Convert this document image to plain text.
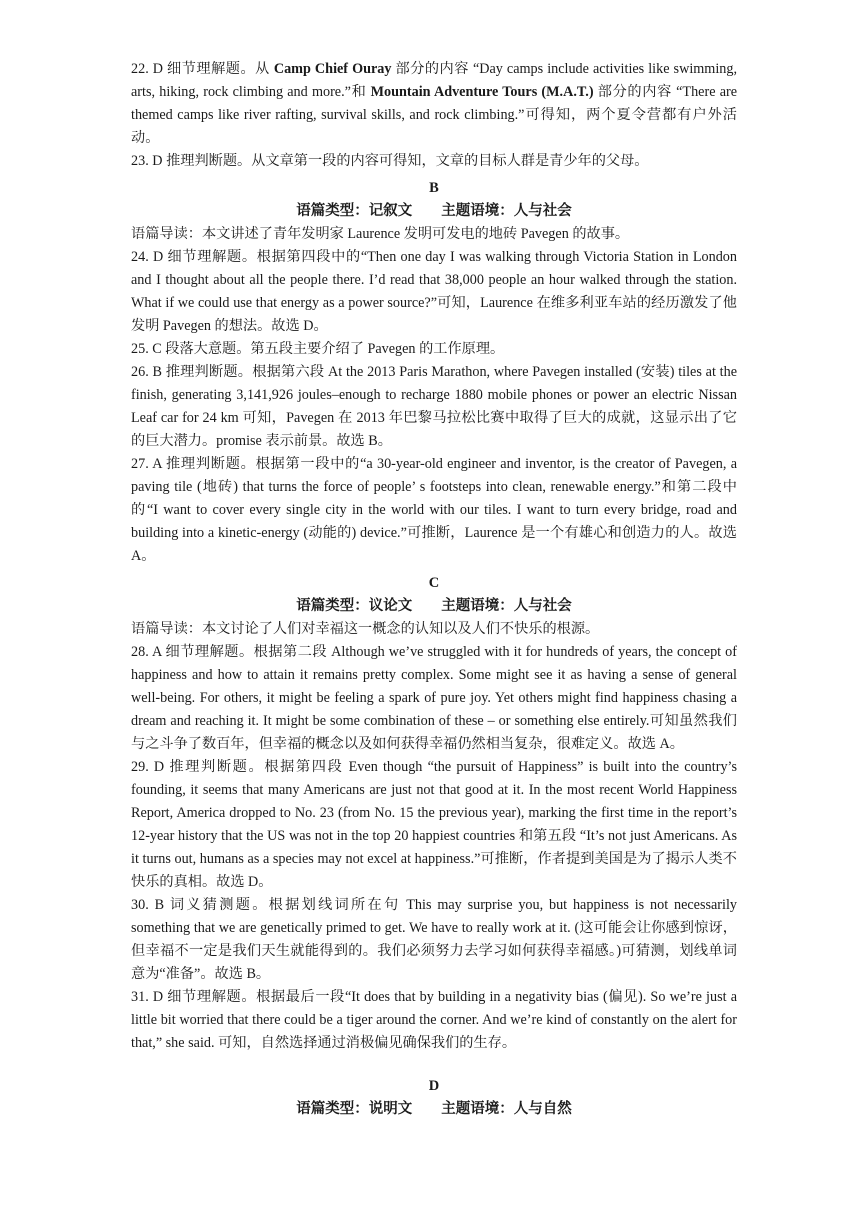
22. D 细节理解题。从 Camp Chief Ouray 部分的内容 “Day camps include activities like swimming, arts, hiking, rock climbing and more.”和 Mountain Adventure Tours (M.A.T.) 部分的内容 “There are themed camps like river rafting, survival skills, and rock climbing.”可得知，两个夏令营都有户外活动。

23. D 推理判断题。从文章第一段的内容可得知，文章的目标人群是青少年的父母。

B

语篇类型：记叙文　　主题语境：人与社会

语篇导读：本文讲述了青年发明家 Laurence 发明可发电的地砖 Pavegen 的故事。

24. D 细节理解题。根据第四段中的“Then one day I was walking through Victoria Station in London and I thought about all the people there. I’d read that 38,000 people an hour walked through the station. What if we could use that energy as a power source?”可知，Laurence 在维多利亚车站的经历激发了他发明 Pavegen 的想法。故选 D。

25. C 段落大意题。第五段主要介绍了 Pavegen 的工作原理。

26. B 推理判断题。根据第六段 At the 2013 Paris Marathon, where Pavegen installed (安装) tiles at the finish, generating 3,141,926 joules–enough to recharge 1880 mobile phones or power an electric Nissan Leaf car for 24 km 可知，Pavegen 在 2013 年巴黎马拉松比赛中取得了巨大的成就，这显示出了它的巨大潜力。promise 表示前景。故选 B。

27. A 推理判断题。根据第一段中的“a 30-year-old engineer and inventor, is the creator of Pavegen, a paving tile (地砖) that turns the force of people’ s footsteps into clean, renewable energy.”和第二段中的“I want to cover every single city in the world with our tiles. I want to turn every bridge, road and building into a kinetic-energy (动能的) device.”可推断，Laurence 是一个有雄心和创造力的人。故选 A。

C

语篇类型：议论文　　主题语境：人与社会

语篇导读：本文讨论了人们对幸福这一概念的认知以及人们不快乐的根源。

28. A 细节理解题。根据第二段 Although we’ve struggled with it for hundreds of years, the concept of happiness and how to attain it remains pretty complex. Some might see it as having a sense of general well-being. For others, it might be feeling a spark of pure joy. Yet others might find happiness chasing a dream and reaching it. It might be some combination of these – or something else entirely.可知虽然我们与之斗争了数百年，但幸福的概念以及如何获得幸福仍然相当复杂，很难定义。故选 A。

29. D 推理判断题。根据第四段 Even though “the pursuit of Happiness” is built into the country’s founding, it seems that many Americans are just not that good at it. In the most recent World Happiness Report, America dropped to No. 23 (from No. 15 the previous year), marking the first time in the report’s 12-year history that the US was not in the top 20 happiest countries 和第五段 “It’s not just Americans. As it turns out, humans as a species may not excel at happiness.”可推断，作者提到美国是为了揭示人类不快乐的真相。故选 D。

30. B 词义猜测题。根据划线词所在句 This may surprise you, but happiness is not necessarily something that we are genetically primed to get. We have to really work at it. (这可能会让你感到惊讶，但幸福不一定是我们天生就能得到的。我们必须努力去学习如何获得幸福感。)可猜测，划线单词意为“准备”。故选 B。

31. D 细节理解题。根据最后一段“It does that by building in a negativity bias (偏见). So we’re just a little bit worried that there could be a tiger around the corner. And we’re kind of constantly on the alert for that,” she said. 可知，自然选择通过消极偏见确保我们的生存。

D

语篇类型：说明文　　主题语境：人与自然
